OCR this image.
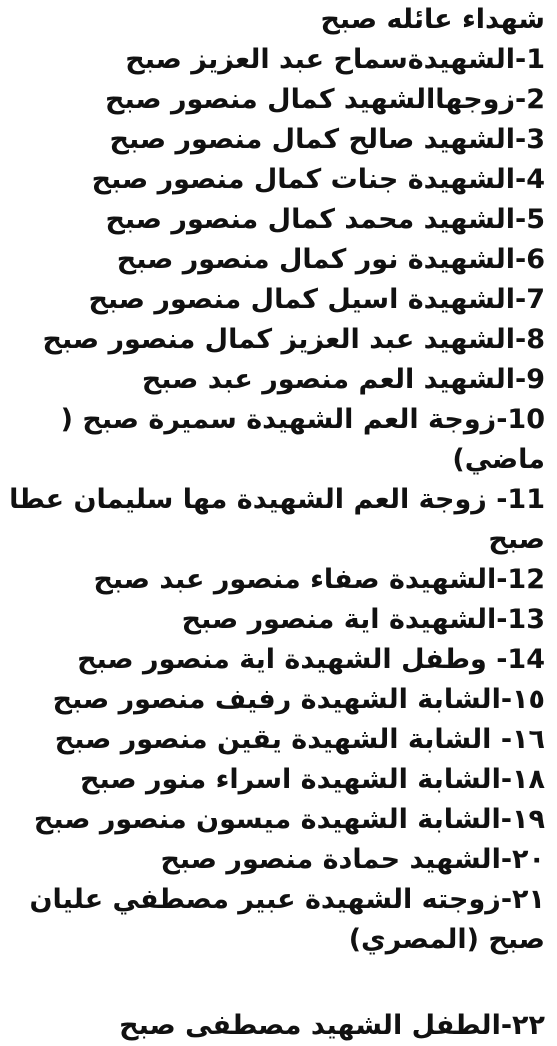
شهداء عائله صبح
1-الشهيدةسماح عبد العزيز صبح
2-زوجهاالشهيد كمال منصور صبح
3-الشهيد صالح كمال منصور صبح
4-الشهيدة جنات كمال منصور صبح
5-الشهيد محمد كمال منصور صبح
6-الشهيدة نور كمال منصور صبح
7-الشهيدة اسيل كمال منصور صبح
8-الشهيد عبد العزيز كمال منصور صبح
9-الشهيد العم منصور عبد صبح
10-زوجة العم الشهيدة سميرة صبح ( ماضي)
11- زوجة العم الشهيدة مها سليمان عطا صبح
12-الشهيدة صفاء منصور عبد صبح
13-الشهيدة اية منصور صبح
14- وطفل الشهيدة اية منصور صبح
١٥-الشابة الشهيدة رفيف منصور صبح
١٦- الشابة الشهيدة يقين منصور صبح
١٨-الشابة الشهيدة اسراء منور صبح
١٩-الشابة الشهيدة ميسون منصور صبح
٢٠-الشهيد حمادة منصور صبح
٢١-زوجته الشهيدة عبير مصطفي عليان صبح (المصري)
٢٢-الطفل الشهيد مصطفى صبح
